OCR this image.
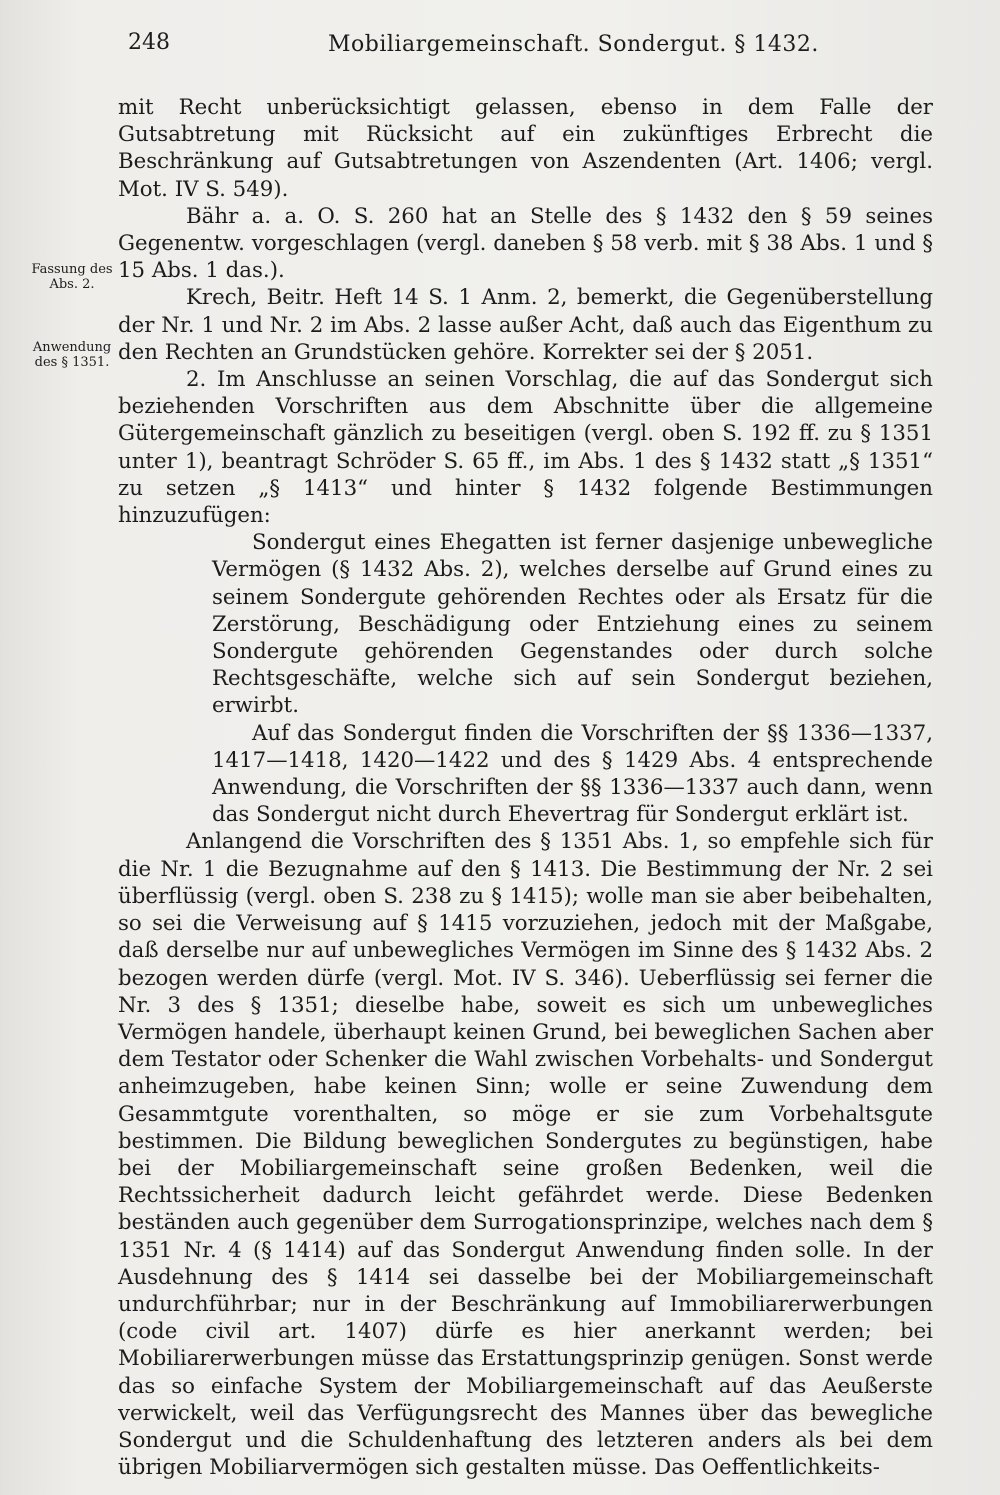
248	Mobiliargemeinschaft. Sondergut. § 1432.
Fassung des Abs. 2.
Anwendung des § 1351.

mit Recht unberücksichtigt gelassen, ebenso in dem Falle der Gutsabtretung mit Rücksicht auf ein zukünftiges Erbrecht die Beschränkung auf Gutsabtretungen von Aszendenten (Art. 1406; vergl. Mot. IV S. 549).

Bähr a. a. O. S. 260 hat an Stelle des § 1432 den § 59 seines Gegenentw. vorgeschlagen (vergl. daneben § 58 verb. mit § 38 Abs. 1 und § 15 Abs. 1 das.).

Krech, Beitr. Heft 14 S. 1 Anm. 2, bemerkt, die Gegenüberstellung der Nr. 1 und Nr. 2 im Abs. 2 lasse außer Acht, daß auch das Eigenthum zu den Rechten an Grundstücken gehöre. Korrekter sei der § 2051.

2. Im Anschlusse an seinen Vorschlag, die auf das Sondergut sich beziehenden Vorschriften aus dem Abschnitte über die allgemeine Gütergemeinschaft gänzlich zu beseitigen (vergl. oben S. 192 ff. zu § 1351 unter 1), beantragt Schröder S. 65 ff., im Abs. 1 des § 1432 statt „§ 1351“ zu setzen „§ 1413“ und hinter § 1432 folgende Bestimmungen hinzuzufügen:

Sondergut eines Ehegatten ist ferner dasjenige unbewegliche Vermögen (§ 1432 Abs. 2), welches derselbe auf Grund eines zu seinem Sondergute gehörenden Rechtes oder als Ersatz für die Zerstörung, Beschädigung oder Entziehung eines zu seinem Sondergute gehörenden Gegenstandes oder durch solche Rechtsgeschäfte, welche sich auf sein Sondergut beziehen, erwirbt.

Auf das Sondergut finden die Vorschriften der §§ 1336—1337, 1417—1418, 1420—1422 und des § 1429 Abs. 4 entsprechende Anwendung, die Vorschriften der §§ 1336—1337 auch dann, wenn das Sondergut nicht durch Ehevertrag für Sondergut erklärt ist.

Anlangend die Vorschriften des § 1351 Abs. 1, so empfehle sich für die Nr. 1 die Bezugnahme auf den § 1413. Die Bestimmung der Nr. 2 sei überflüssig (vergl. oben S. 238 zu § 1415); wolle man sie aber beibehalten, so sei die Verweisung auf § 1415 vorzuziehen, jedoch mit der Maßgabe, daß derselbe nur auf unbewegliches Vermögen im Sinne des § 1432 Abs. 2 bezogen werden dürfe (vergl. Mot. IV S. 346). Ueberflüssig sei ferner die Nr. 3 des § 1351; dieselbe habe, soweit es sich um unbewegliches Vermögen handele, überhaupt keinen Grund, bei beweglichen Sachen aber dem Testator oder Schenker die Wahl zwischen Vorbehalts- und Sondergut anheimzugeben, habe keinen Sinn; wolle er seine Zuwendung dem Gesammtgute vorenthalten, so möge er sie zum Vorbehaltsgute bestimmen. Die Bildung beweglichen Sondergutes zu begünstigen, habe bei der Mobiliargemeinschaft seine großen Bedenken, weil die Rechtssicherheit dadurch leicht gefährdet werde. Diese Bedenken beständen auch gegenüber dem Surrogationsprinzipe, welches nach dem § 1351 Nr. 4 (§ 1414) auf das Sondergut Anwendung finden solle. In der Ausdehnung des § 1414 sei dasselbe bei der Mobiliargemeinschaft undurchführbar; nur in der Beschränkung auf Immobiliarerwerbungen (code civil art. 1407) dürfe es hier anerkannt werden; bei Mobiliarerwerbungen müsse das Erstattungsprinzip genügen. Sonst werde das so einfache System der Mobiliargemeinschaft auf das Aeußerste verwickelt, weil das Verfügungsrecht des Mannes über das bewegliche Sondergut und die Schuldenhaftung des letzteren anders als bei dem übrigen Mobiliarvermögen sich gestalten müsse. Das Oeffentlichkeits-
